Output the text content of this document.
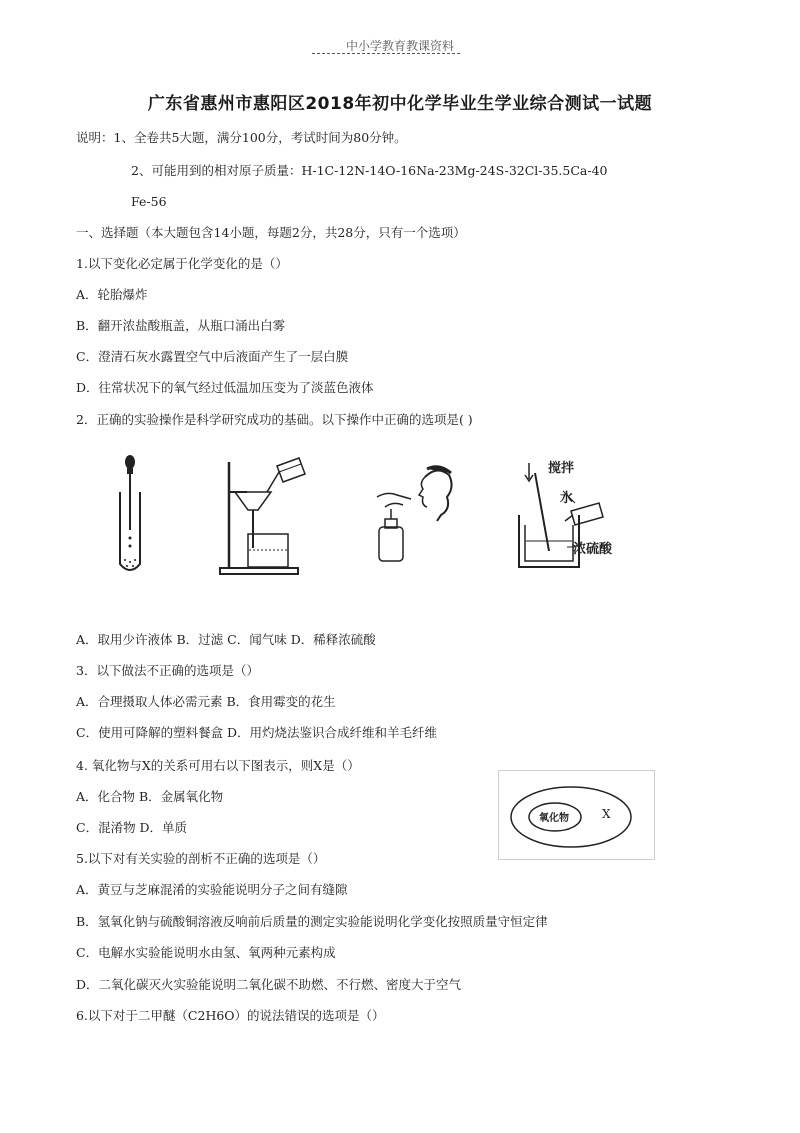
中小学教育教课资料
广东省惠州市惠阳区2018年初中化学毕业生学业综合测试一试题
说明：1、全卷共5大题，满分100分，考试时间为80分钟。
2、可能用到的相对原子质量：H-1C-12N-14O-16Na-23Mg-24S-32Cl-35.5Ca-40
Fe-56
一、选择题（本大题包含14小题，每题2分，共28分，只有一个选项）
1.以下变化必定属于化学变化的是（）
A．轮胎爆炸
B．翻开浓盐酸瓶盖，从瓶口涌出白雾
C．澄清石灰水露置空气中后液面产生了一层白膜
D．往常状况下的氧气经过低温加压变为了淡蓝色液体
2．正确的实验操作是科学研究成功的基础。以下操作中正确的选项是( )
搅拌
水
浓硫酸
A．取用少许液体 B．过滤 C．闻气味 D．稀释浓硫酸
3．以下做法不正确的选项是（）
A．合理摄取人体必需元素 B．食用霉变的花生
C．使用可降解的塑料餐盒 D．用灼烧法鉴识合成纤维和羊毛纤维
4. 氧化物与X的关系可用右以下图表示，则X是（）
A．化合物 B．金属氧化物
C．混淆物 D．单质
氧化物	X
5.以下对有关实验的剖析不正确的选项是（）
A．黄豆与芝麻混淆的实验能说明分子之间有缝隙
B．氢氧化钠与硫酸铜溶液反响前后质量的测定实验能说明化学变化按照质量守恒定律
C．电解水实验能说明水由氢、氧两种元素构成
D．二氧化碳灭火实验能说明二氧化碳不助燃、不行燃、密度大于空气
6.以下对于二甲醚（C2H6O）的说法错误的选项是（）
